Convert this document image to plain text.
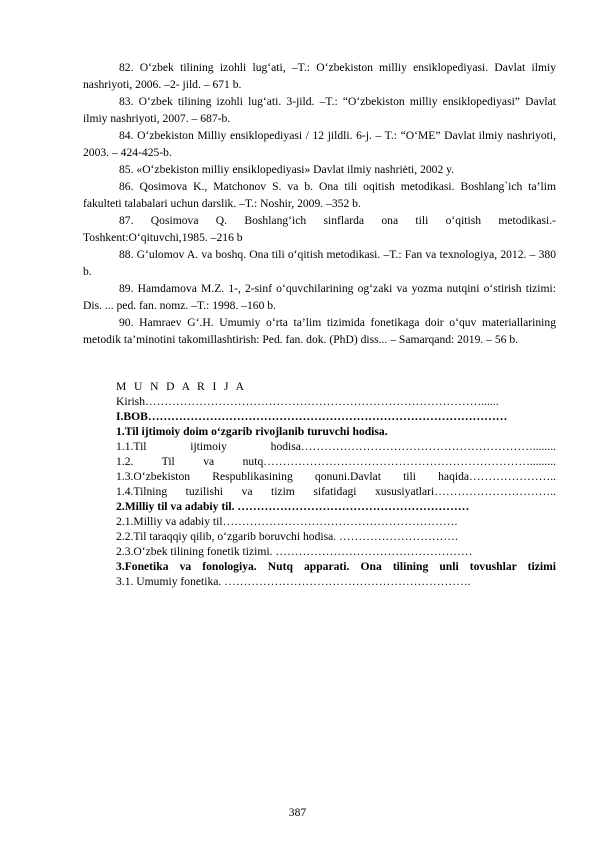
82. O‘zbek tilining izohli lug‘ati, –T.: O‘zbekiston milliy ensiklopediyasi. Davlat ilmiy nashriyoti, 2006. –2- jild. – 671 b.

83. O‘zbek tilining izohli lug‘ati. 3-jild. –T.: “O‘zbekiston milliy ensiklopediyasi” Davlat ilmiy nashriyoti, 2007. – 687-b.

84. O‘zbekiston Milliy ensiklopediyasi / 12 jildli. 6-j. – T.: “O‘ME” Davlat ilmiy nashriyoti, 2003. – 424-425-b.

85. «O‘zbekiston milliy ensiklopediyasi» Davlat ilmiy nashriėti, 2002 y.

86. Qosimova K., Matchonov S. va b. Ona tili oqitish metodikasi. Boshlang`ich ta’lim fakulteti talabalari uchun darslik. –T.: Noshir, 2009. –352 b.

87. Qosimova Q. Boshlang‘ich sinflarda ona tili o‘qitish metodikasi.- Toshkent:O‘qituvchi,1985. –216 b

88. G‘ulomov A. va boshq. Ona tili o‘qitish metodikasi. –T.: Fan va texnologiya, 2012. – 380 b.

89. Hamdamova M.Z. 1-, 2-sinf o‘quvchilarining og‘zaki va yozma nutqini o‘stirish tizimi: Dis. ... ped. fan. nomz. –T.: 1998. –160 b.

90. Hamraev G‘.H. Umumiy o‘rta ta’lim tizimida fonetikaga doir o‘quv materiallarining metodik ta’minotini takomillashtirish: Ped. fan. dok. (PhD) diss... – Samarqand: 2019. – 56 b.

M U N D A R I J A

Kirish……………………………………………………………………………......

I.BOB…………………………………………………………………………………

1.Til ijtimoiy doim o‘zgarib rivojlanib turuvchi hodisa.

1.1.Til ijtimoiy hodisa……………………………………………………........

1.2. Til va nutq…………………………………………………………….........

1.3.O‘zbekiston Respublikasining qonuni.Davlat tili haqida…………………..

1.4.Tilning tuzilishi va tizim sifatidagi xususiyatlari…………………………..

2.Milliy til va adabiy til. ……………………………………………………

2.1.Milliy va adabiy til…………………………………………………….

2.2.Til taraqqiy qilib, o‘zgarib boruvchi hodisa. ………………………….

2.3.O‘zbek tilining fonetik tizimi. ……………………………………………

3.Fonetika va fonologiya. Nutq apparati. Ona tilining unli tovushlar tizimi

3.1. Umumiy fonetika. ……………………………………………………….

387
